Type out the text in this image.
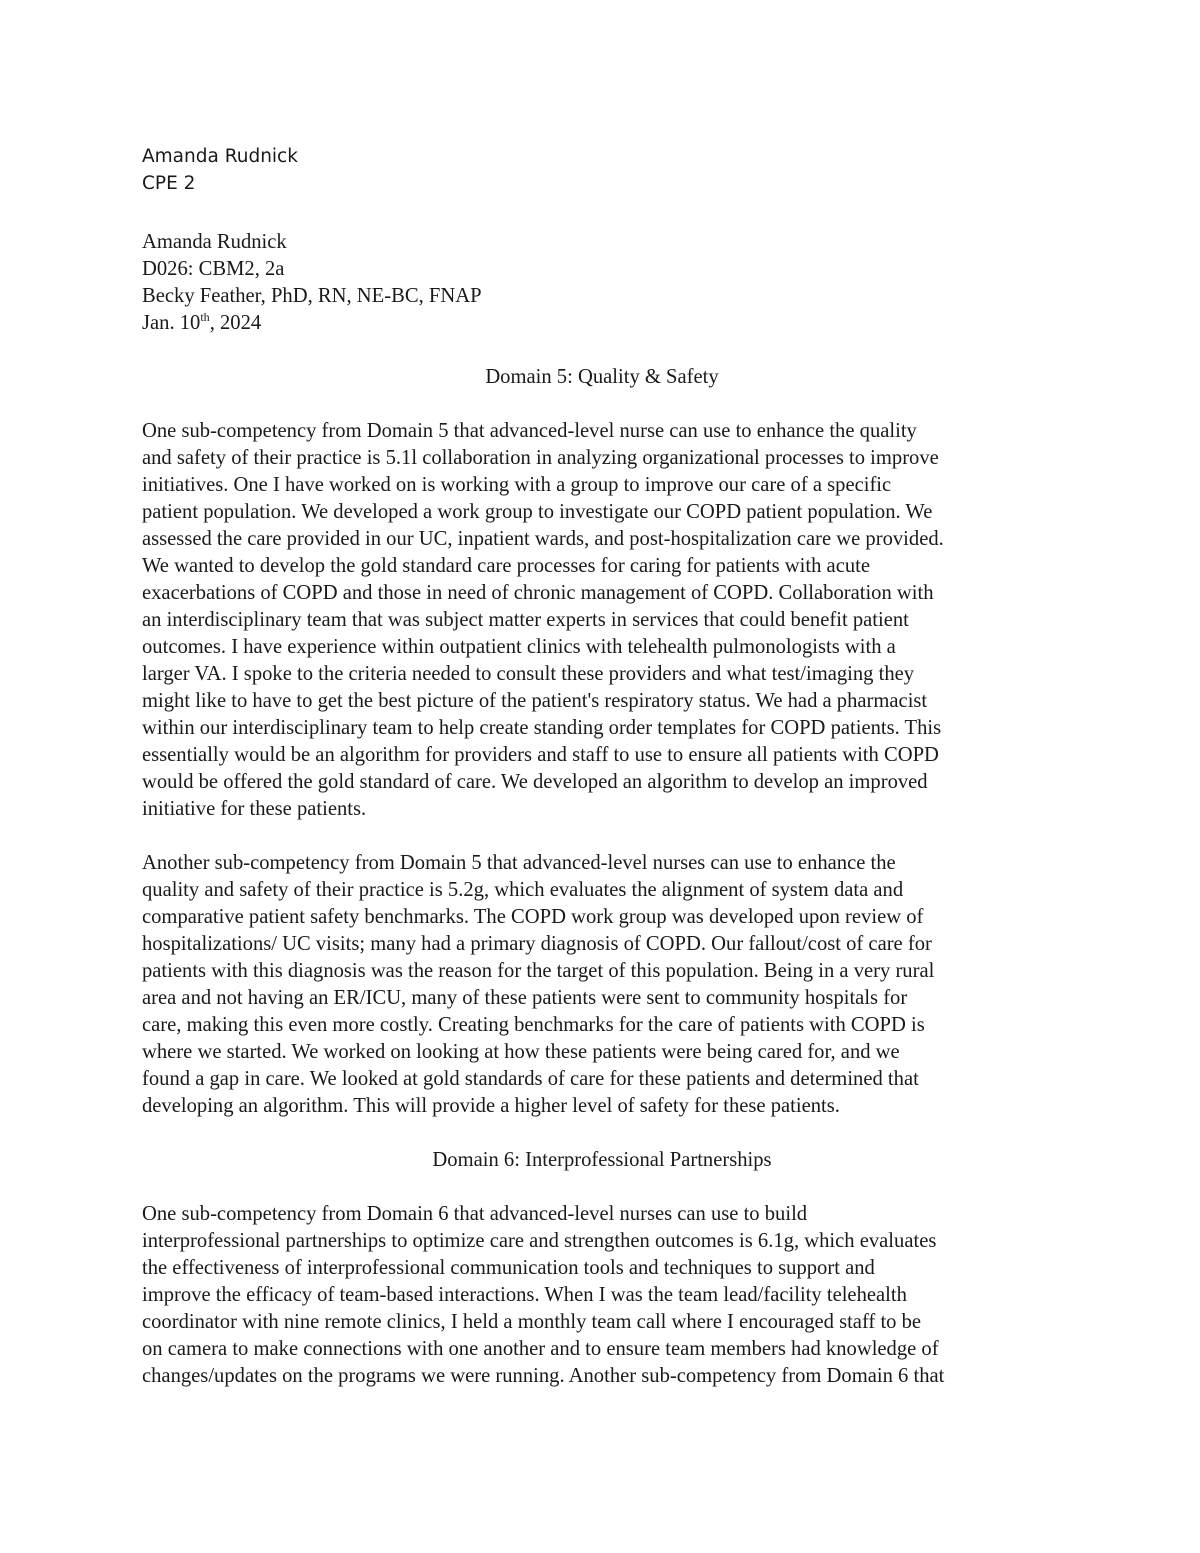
Amanda Rudnick
CPE 2
Amanda Rudnick
D026: CBM2, 2a
Becky Feather, PhD, RN, NE-BC, FNAP
Jan. 10th, 2024
Domain 5: Quality & Safety
One sub-competency from Domain 5 that advanced-level nurse can use to enhance the quality
and safety of their practice is 5.1l collaboration in analyzing organizational processes to improve
initiatives. One I have worked on is working with a group to improve our care of a specific
patient population. We developed a work group to investigate our COPD patient population. We
assessed the care provided in our UC, inpatient wards, and post-hospitalization care we provided.
We wanted to develop the gold standard care processes for caring for patients with acute
exacerbations of COPD and those in need of chronic management of COPD. Collaboration with
an interdisciplinary team that was subject matter experts in services that could benefit patient
outcomes. I have experience within outpatient clinics with telehealth pulmonologists with a
larger VA. I spoke to the criteria needed to consult these providers and what test/imaging they
might like to have to get the best picture of the patient's respiratory status. We had a pharmacist
within our interdisciplinary team to help create standing order templates for COPD patients. This
essentially would be an algorithm for providers and staff to use to ensure all patients with COPD
would be offered the gold standard of care. We developed an algorithm to develop an improved
initiative for these patients.
Another sub-competency from Domain 5 that advanced-level nurses can use to enhance the
quality and safety of their practice is 5.2g, which evaluates the alignment of system data and
comparative patient safety benchmarks. The COPD work group was developed upon review of
hospitalizations/ UC visits; many had a primary diagnosis of COPD. Our fallout/cost of care for
patients with this diagnosis was the reason for the target of this population. Being in a very rural
area and not having an ER/ICU, many of these patients were sent to community hospitals for
care, making this even more costly. Creating benchmarks for the care of patients with COPD is
where we started. We worked on looking at how these patients were being cared for, and we
found a gap in care. We looked at gold standards of care for these patients and determined that
developing an algorithm. This will provide a higher level of safety for these patients.
Domain 6: Interprofessional Partnerships
One sub-competency from Domain 6 that advanced-level nurses can use to build
interprofessional partnerships to optimize care and strengthen outcomes is 6.1g, which evaluates
the effectiveness of interprofessional communication tools and techniques to support and
improve the efficacy of team-based interactions. When I was the team lead/facility telehealth
coordinator with nine remote clinics, I held a monthly team call where I encouraged staff to be
on camera to make connections with one another and to ensure team members had knowledge of
changes/updates on the programs we were running. Another sub-competency from Domain 6 that
